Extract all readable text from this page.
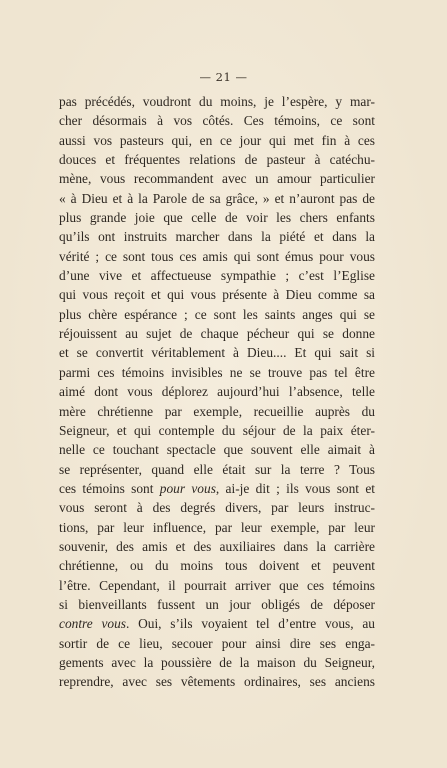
— 21 —
pas précédés, voudront du moins, je l’espère, y mar-
cher désormais à vos côtés. Ces témoins, ce sont
aussi vos pasteurs qui, en ce jour qui met fin à ces
douces et fréquentes relations de pasteur à catéchu-
mène, vous recommandent avec un amour particulier
« à Dieu et à la Parole de sa grâce, » et n’auront pas de
plus grande joie que celle de voir les chers enfants
qu’ils ont instruits marcher dans la piété et dans la
vérité ; ce sont tous ces amis qui sont émus pour vous
d’une vive et affectueuse sympathie ; c’est l’Eglise
qui vous reçoit et qui vous présente à Dieu comme sa
plus chère espérance ; ce sont les saints anges qui se
réjouissent au sujet de chaque pécheur qui se donne
et se convertit véritablement à Dieu.... Et qui sait si
parmi ces témoins invisibles ne se trouve pas tel être
aimé dont vous déplorez aujourd’hui l’absence, telle
mère chrétienne par exemple, recueillie auprès du
Seigneur, et qui contemple du séjour de la paix éter-
nelle ce touchant spectacle que souvent elle aimait à
se représenter, quand elle était sur la terre ? Tous
ces témoins sont pour vous, ai-je dit ; ils vous sont et
vous seront à des degrés divers, par leurs instruc-
tions, par leur influence, par leur exemple, par leur
souvenir, des amis et des auxiliaires dans la carrière
chrétienne, ou du moins tous doivent et peuvent
l’être. Cependant, il pourrait arriver que ces témoins
si bienveillants fussent un jour obligés de déposer
contre vous. Oui, s’ils voyaient tel d’entre vous, au
sortir de ce lieu, secouer pour ainsi dire ses enga-
gements avec la poussière de la maison du Seigneur,
reprendre, avec ses vêtements ordinaires, ses anciens
